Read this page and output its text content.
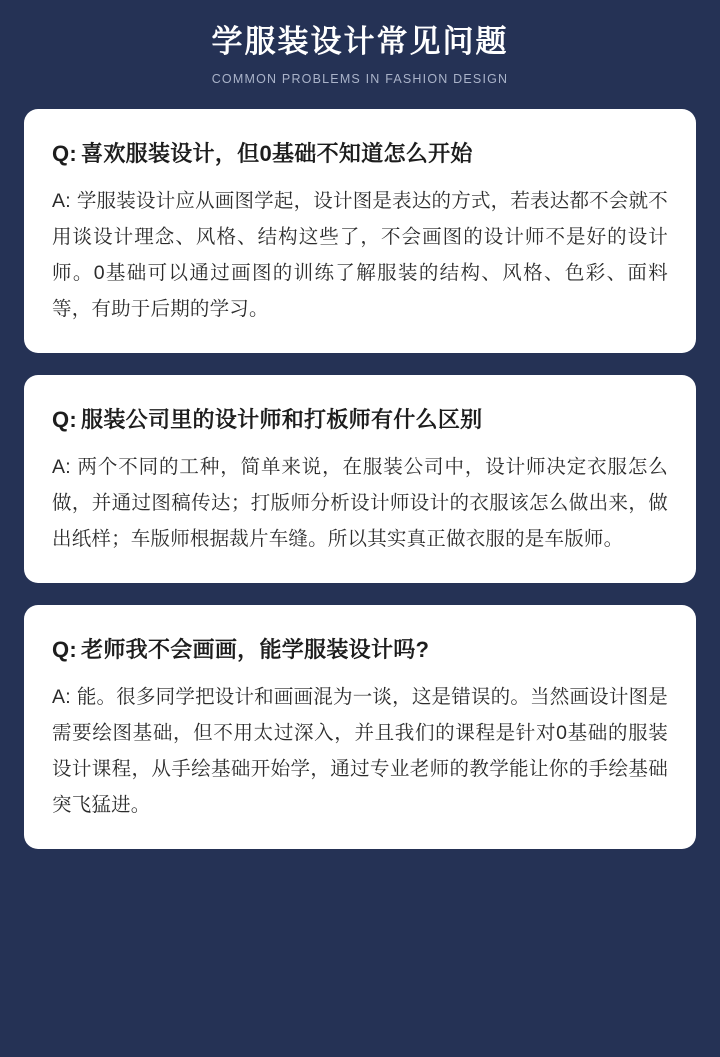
学服装设计常见问题
COMMON PROBLEMS IN FASHION DESIGN

Q: 喜欢服装设计，但0基础不知道怎么开始

A: 学服装设计应从画图学起，设计图是表达的方式，若表达都不会就不用谈设计理念、风格、结构这些了，不会画图的设计师不是好的设计师。0基础可以通过画图的训练了解服装的结构、风格、色彩、面料等，有助于后期的学习。

Q: 服装公司里的设计师和打板师有什么区别

A: 两个不同的工种，简单来说，在服装公司中，设计师决定衣服怎么做，并通过图稿传达；打版师分析设计师设计的衣服该怎么做出来，做出纸样；车版师根据裁片车缝。所以其实真正做衣服的是车版师。

Q: 老师我不会画画，能学服装设计吗?

A: 能。很多同学把设计和画画混为一谈，这是错误的。当然画设计图是需要绘图基础，但不用太过深入，并且我们的课程是针对0基础的服装设计课程，从手绘基础开始学，通过专业老师的教学能让你的手绘基础突飞猛进。
